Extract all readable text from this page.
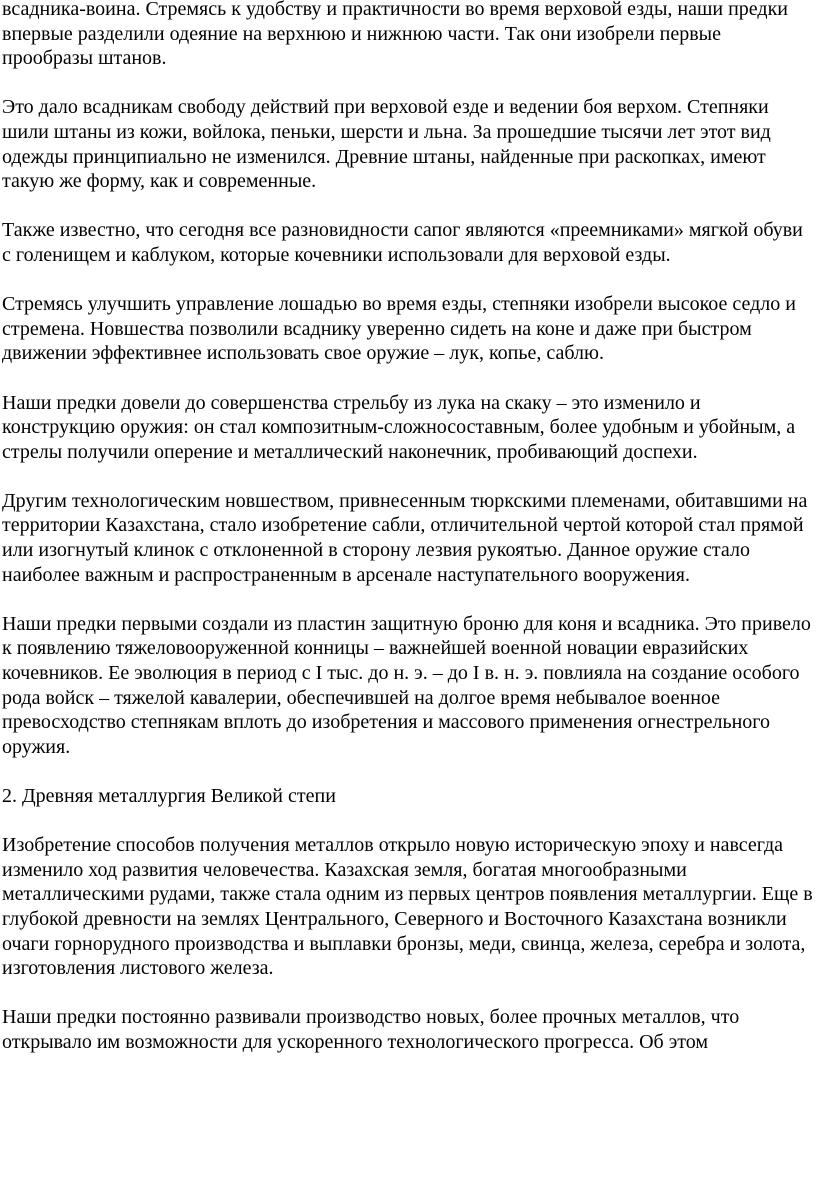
всадника-воина. Стремясь к удобству и практичности во время верховой езды, наши предки впервые разделили одеяние на верхнюю и нижнюю части. Так они изобрели первые прообразы штанов.

Это дало всадникам свободу действий при верховой езде и ведении боя верхом. Степняки шили штаны из кожи, войлока, пеньки, шерсти и льна. За прошедшие тысячи лет этот вид одежды принципиально не изменился. Древние штаны, найденные при раскопках, имеют такую же форму, как и современные.

Также известно, что сегодня все разновидности сапог являются «преемниками» мягкой обуви с голенищем и каблуком, которые кочевники использовали для верховой езды.

Стремясь улучшить управление лошадью во время езды, степняки изобрели высокое седло и стремена. Новшества позволили всаднику уверенно сидеть на коне и даже при быстром движении эффективнее использовать свое оружие – лук, копье, саблю.

Наши предки довели до совершенства стрельбу из лука на скаку – это изменило и конструкцию оружия: он стал композитным-сложносоставным, более удобным и убойным, а стрелы получили оперение и металлический наконечник, пробивающий доспехи.

Другим технологическим новшеством, привнесенным тюркскими племенами, обитавшими на территории Казахстана, стало изобретение сабли, отличительной чертой которой стал прямой или изогнутый клинок с отклоненной в сторону лезвия рукоятью. Данное оружие стало наиболее важным и распространенным в арсенале наступательного вооружения.

Наши предки первыми создали из пластин защитную броню для коня и всадника. Это привело к появлению тяжеловооруженной конницы – важнейшей военной новации евразийских кочевников. Ее эволюция в период с I тыс. до н. э. – до I в. н. э. повлияла на создание особого рода войск – тяжелой кавалерии, обеспечившей на долгое время небывалое военное превосходство степнякам вплоть до изобретения и массового применения огнестрельного оружия.

2. Древняя металлургия Великой степи

Изобретение способов получения металлов открыло новую историческую эпоху и навсегда изменило ход развития человечества. Казахская земля, богатая многообразными металлическими рудами, также стала одним из первых центров появления металлургии. Еще в глубокой древности на землях Центрального, Северного и Восточного Казахстана возникли очаги горнорудного производства и выплавки бронзы, меди, свинца, железа, серебра и золота, изготовления листового железа.

Наши предки постоянно развивали производство новых, более прочных металлов, что открывало им возможности для ускоренного технологического прогресса. Об этом
